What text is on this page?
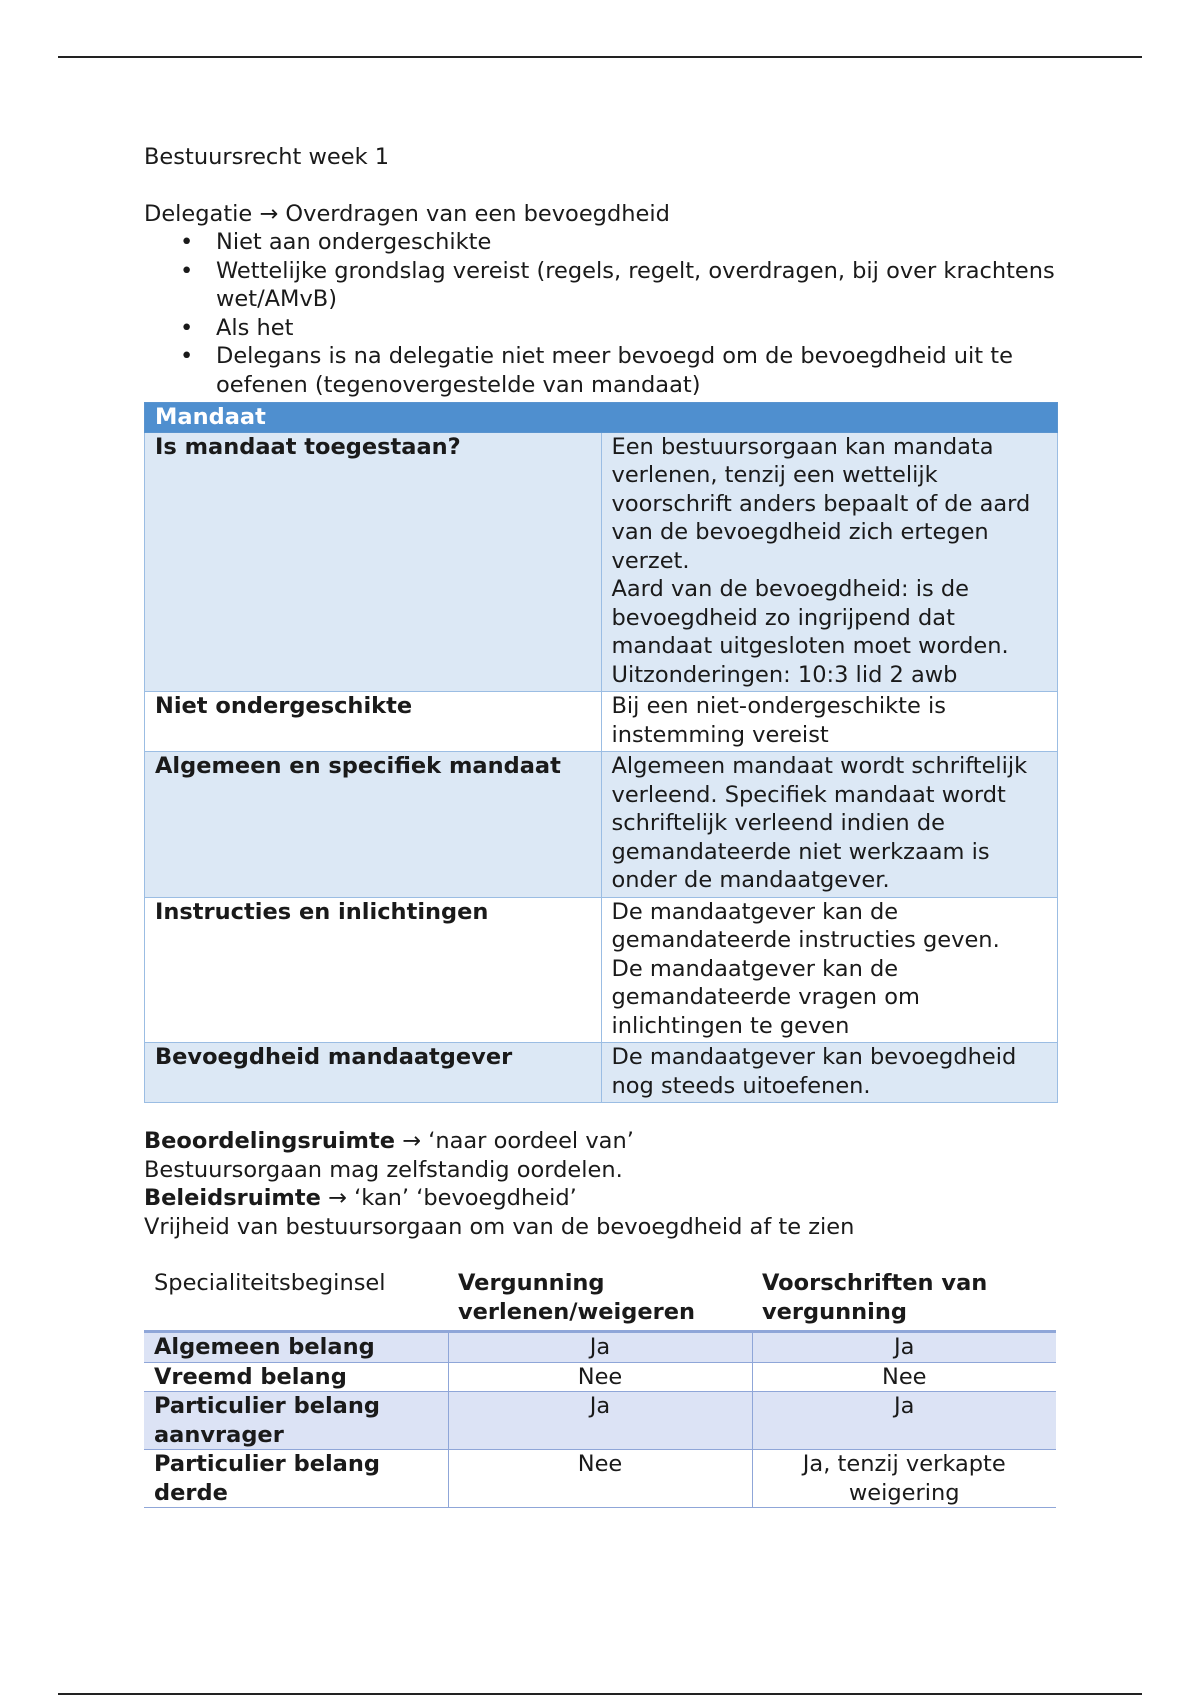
Bestuursrecht week 1

Delegatie → Overdragen van een bevoegdheid

• Niet aan ondergeschikte
• Wettelijke grondslag vereist (regels, regelt, overdragen, bij over krachtens wet/AMvB)
• Als het
• Delegans is na delegatie niet meer bevoegd om de bevoegdheid uit te oefenen (tegenovergestelde van mandaat)
Mandaat	
Is mandaat toegestaan?	Een bestuursorgaan kan mandata verlenen, tenzij een wettelijk voorschrift anders bepaalt of de aard van de bevoegdheid zich ertegen verzet.
Aard van de bevoegdheid: is de bevoegdheid zo ingrijpend dat mandaat uitgesloten moet worden.
Uitzonderingen: 10:3 lid 2 awb

Niet ondergeschikte	Bij een niet-ondergeschikte is instemming vereist
Algemeen en specifiek mandaat	Algemeen mandaat wordt schriftelijk verleend. Specifiek mandaat wordt schriftelijk verleend indien de gemandateerde niet werkzaam is onder de mandaatgever.
Instructies en inlichtingen	De mandaatgever kan de gemandateerde instructies geven.
De mandaatgever kan de gemandateerde vragen om inlichtingen te geven

Bevoegdheid mandaatgever	De mandaatgever kan bevoegdheid nog steeds uitoefenen.

Beoordelingsruimte → ‘naar oordeel van’

Bestuursorgaan mag zelfstandig oordelen.

Beleidsruimte → ‘kan’ ‘bevoegdheid’

Vrijheid van bestuursorgaan om van de bevoegdheid af te zien

Specialiteitsbeginsel	Vergunning verlenen/weigeren	Voorschriften van vergunning
Algemeen belang	Ja	Ja
Vreemd belang	Nee	Nee
Particulier belang aanvrager	Ja	Ja
Particulier belang derde	Nee	Ja, tenzij verkapte weigering
